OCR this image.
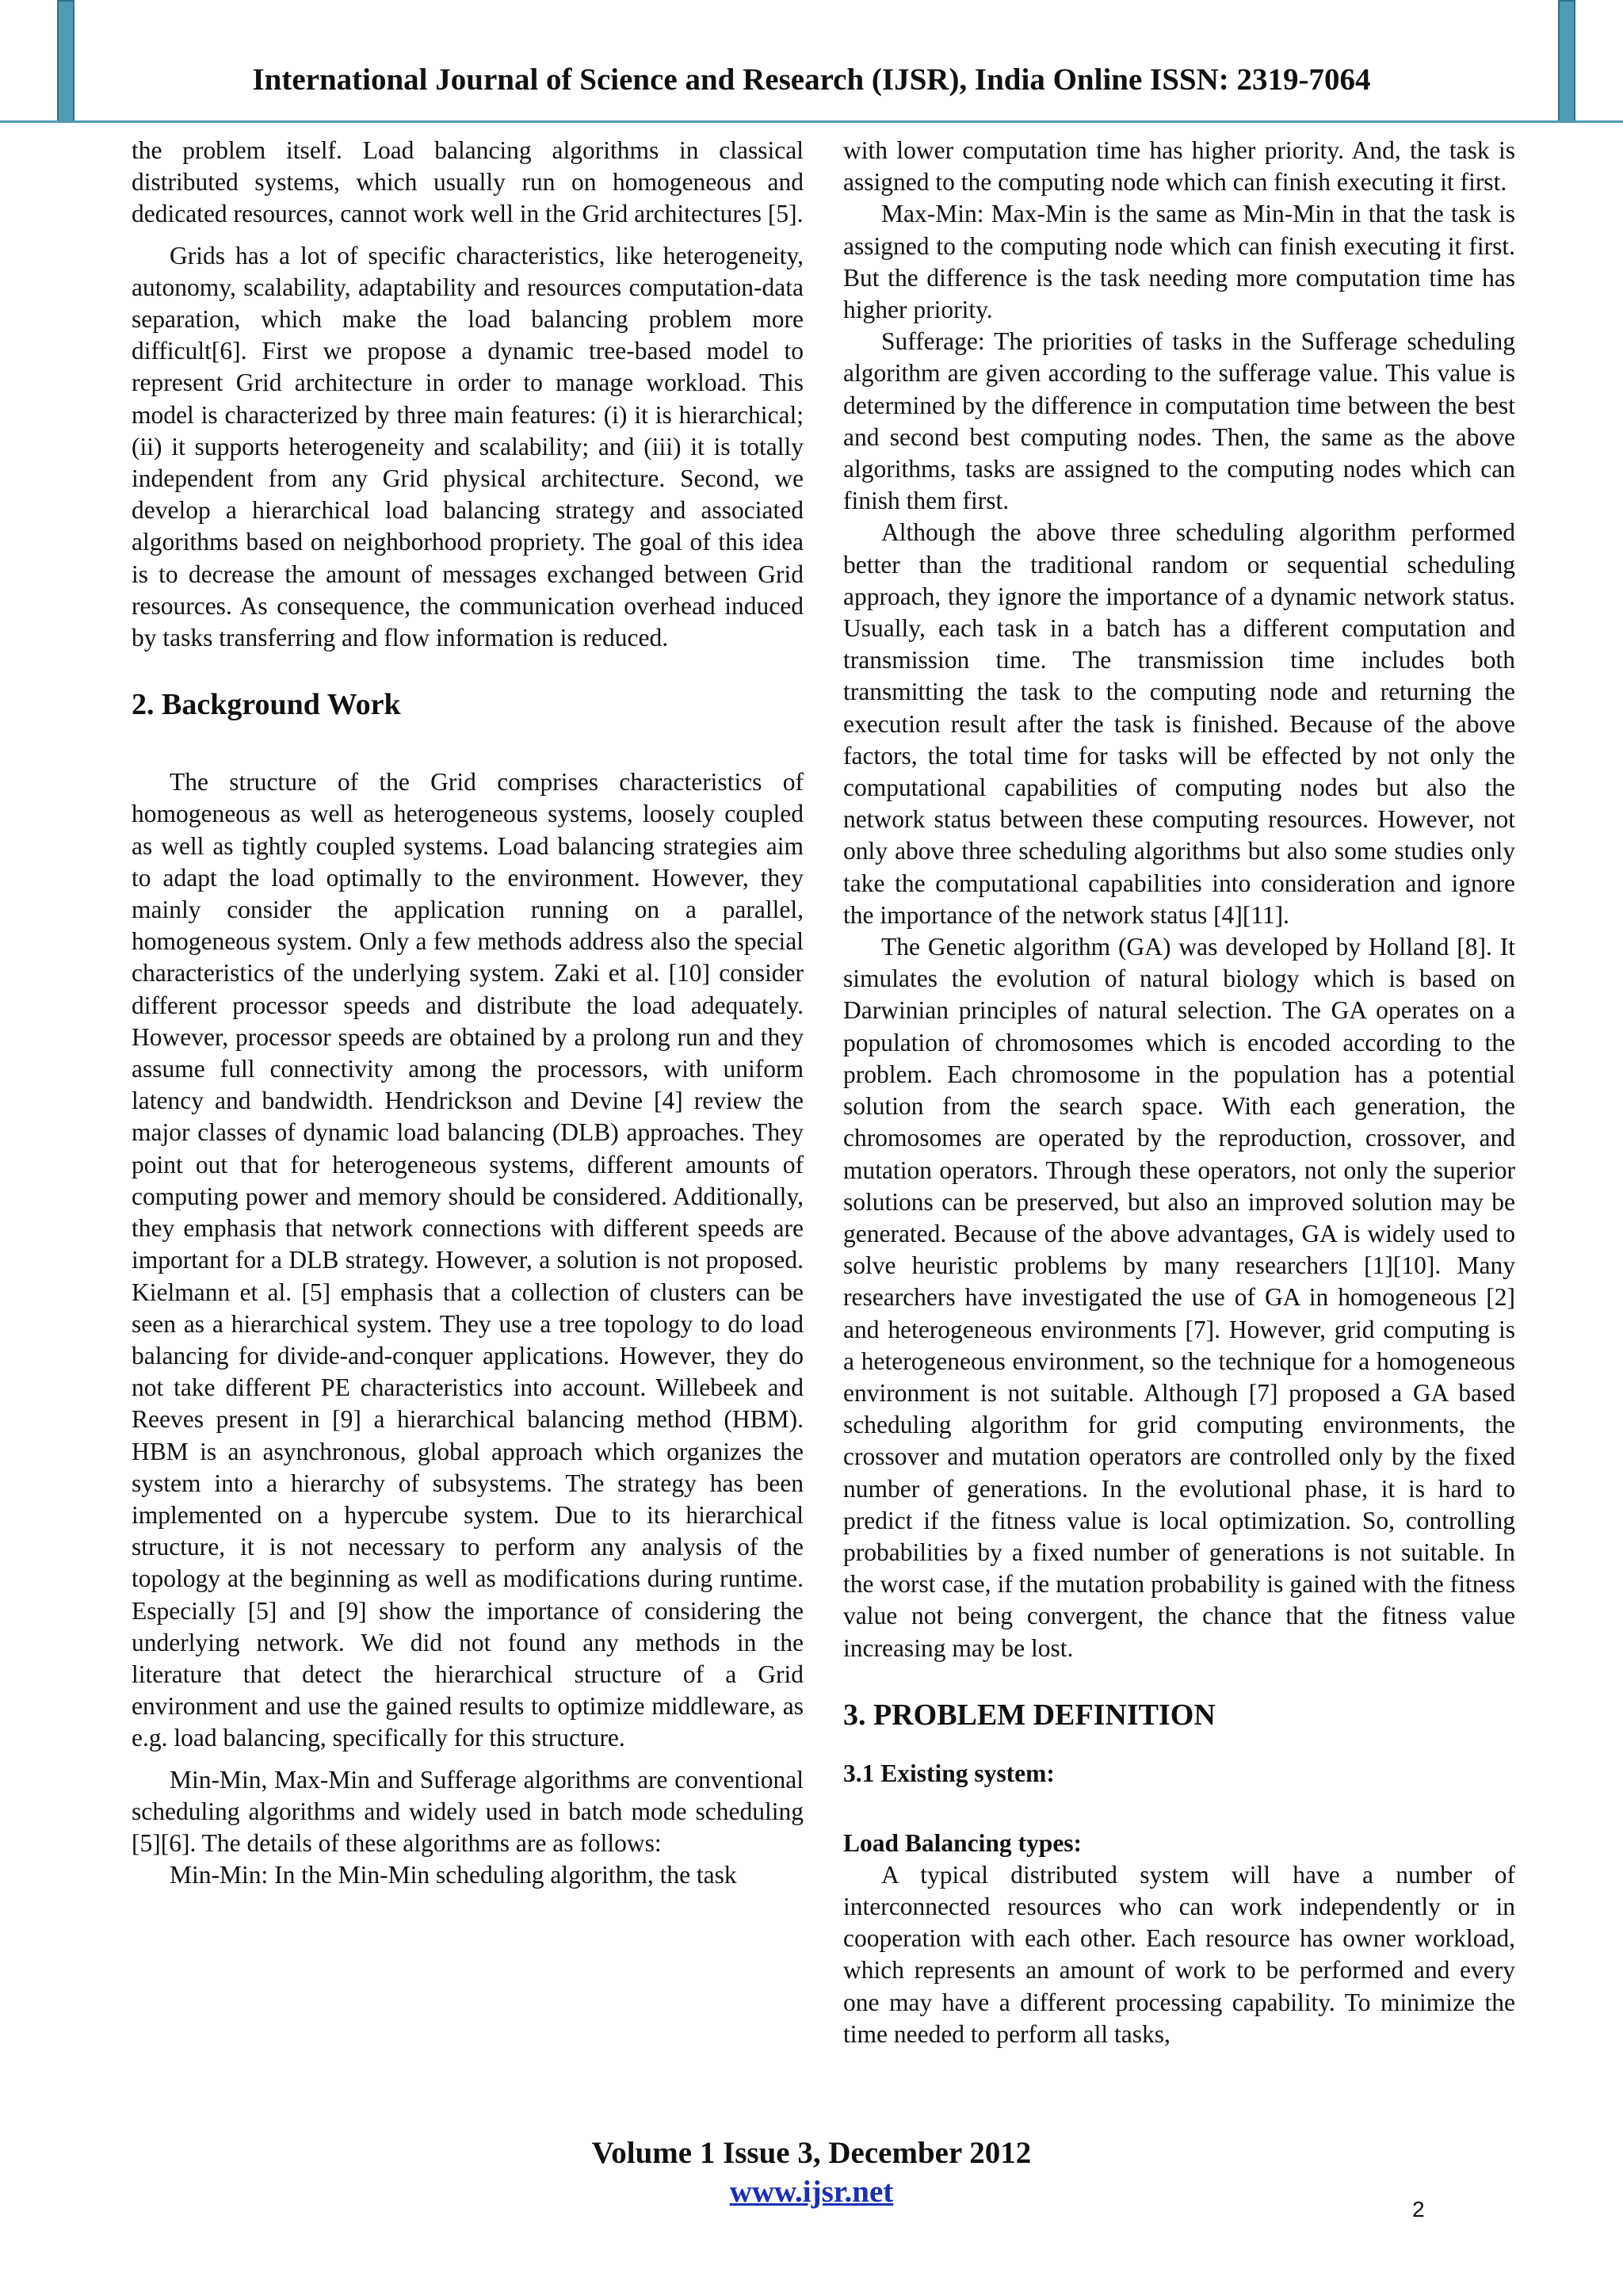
International Journal of Science and Research (IJSR), India Online ISSN: 2319-7064

the problem itself. Load balancing algorithms in classical distributed systems, which usually run on homogeneous and dedicated resources, cannot work well in the Grid architectures [5].

Grids has a lot of specific characteristics, like heterogeneity, autonomy, scalability, adaptability and resources computation-data separation, which make the load balancing problem more difficult[6]. First we propose a dynamic tree-based model to represent Grid architecture in order to manage workload. This model is characterized by three main features: (i) it is hierarchical; (ii) it supports heterogeneity and scalability; and (iii) it is totally independent from any Grid physical architecture. Second, we develop a hierarchical load balancing strategy and associated algorithms based on neighborhood propriety. The goal of this idea is to decrease the amount of messages exchanged between Grid resources. As consequence, the communication overhead induced by tasks transferring and flow information is reduced.

2. Background Work

The structure of the Grid comprises characteristics of homogeneous as well as heterogeneous systems, loosely coupled as well as tightly coupled systems. Load balancing strategies aim to adapt the load optimally to the environment. However, they mainly consider the application running on a parallel, homogeneous system. Only a few methods address also the special characteristics of the underlying system. Zaki et al. [10] consider different processor speeds and distribute the load adequately. However, processor speeds are obtained by a prolong run and they assume full connectivity among the processors, with uniform latency and bandwidth. Hendrickson and Devine [4] review the major classes of dynamic load balancing (DLB) approaches. They point out that for heterogeneous systems, different amounts of computing power and memory should be considered. Additionally, they emphasis that network connections with different speeds are important for a DLB strategy. However, a solution is not proposed. Kielmann et al. [5] emphasis that a collection of clusters can be seen as a hierarchical system. They use a tree topology to do load balancing for divide-and-conquer applications. However, they do not take different PE characteristics into account. Willebeek and Reeves present in [9] a hierarchical balancing method (HBM). HBM is an asynchronous, global approach which organizes the system into a hierarchy of subsystems. The strategy has been implemented on a hypercube system. Due to its hierarchical structure, it is not necessary to perform any analysis of the topology at the beginning as well as modifications during runtime. Especially [5] and [9] show the importance of considering the underlying network. We did not found any methods in the literature that detect the hierarchical structure of a Grid environment and use the gained results to optimize middleware, as e.g. load balancing, specifically for this structure.

Min-Min, Max-Min and Sufferage algorithms are conventional scheduling algorithms and widely used in batch mode scheduling [5][6]. The details of these algorithms are as follows:

Min-Min: In the Min-Min scheduling algorithm, the task

with lower computation time has higher priority. And, the task is assigned to the computing node which can finish executing it first.

Max-Min: Max-Min is the same as Min-Min in that the task is assigned to the computing node which can finish executing it first. But the difference is the task needing more computation time has higher priority.

Sufferage: The priorities of tasks in the Sufferage scheduling algorithm are given according to the sufferage value. This value is determined by the difference in computation time between the best and second best computing nodes. Then, the same as the above algorithms, tasks are assigned to the computing nodes which can finish them first.

Although the above three scheduling algorithm performed better than the traditional random or sequential scheduling approach, they ignore the importance of a dynamic network status. Usually, each task in a batch has a different computation and transmission time. The transmission time includes both transmitting the task to the computing node and returning the execution result after the task is finished. Because of the above factors, the total time for tasks will be effected by not only the computational capabilities of computing nodes but also the network status between these computing resources. However, not only above three scheduling algorithms but also some studies only take the computational capabilities into consideration and ignore the importance of the network status [4][11].

The Genetic algorithm (GA) was developed by Holland [8]. It simulates the evolution of natural biology which is based on Darwinian principles of natural selection. The GA operates on a population of chromosomes which is encoded according to the problem. Each chromosome in the population has a potential solution from the search space. With each generation, the chromosomes are operated by the reproduction, crossover, and mutation operators. Through these operators, not only the superior solutions can be preserved, but also an improved solution may be generated. Because of the above advantages, GA is widely used to solve heuristic problems by many researchers [1][10]. Many researchers have investigated the use of GA in homogeneous [2] and heterogeneous environments [7]. However, grid computing is a heterogeneous environment, so the technique for a homogeneous environment is not suitable. Although [7] proposed a GA based scheduling algorithm for grid computing environments, the crossover and mutation operators are controlled only by the fixed number of generations. In the evolutional phase, it is hard to predict if the fitness value is local optimization. So, controlling probabilities by a fixed number of generations is not suitable. In the worst case, if the mutation probability is gained with the fitness value not being convergent, the chance that the fitness value increasing may be lost.

3. PROBLEM DEFINITION
3.1 Existing system:
Load Balancing types:

A typical distributed system will have a number of interconnected resources who can work independently or in cooperation with each other. Each resource has owner workload, which represents an amount of work to be performed and every one may have a different processing capability. To minimize the time needed to perform all tasks,

Volume 1 Issue 3, December 2012
www.ijsr.net
2
